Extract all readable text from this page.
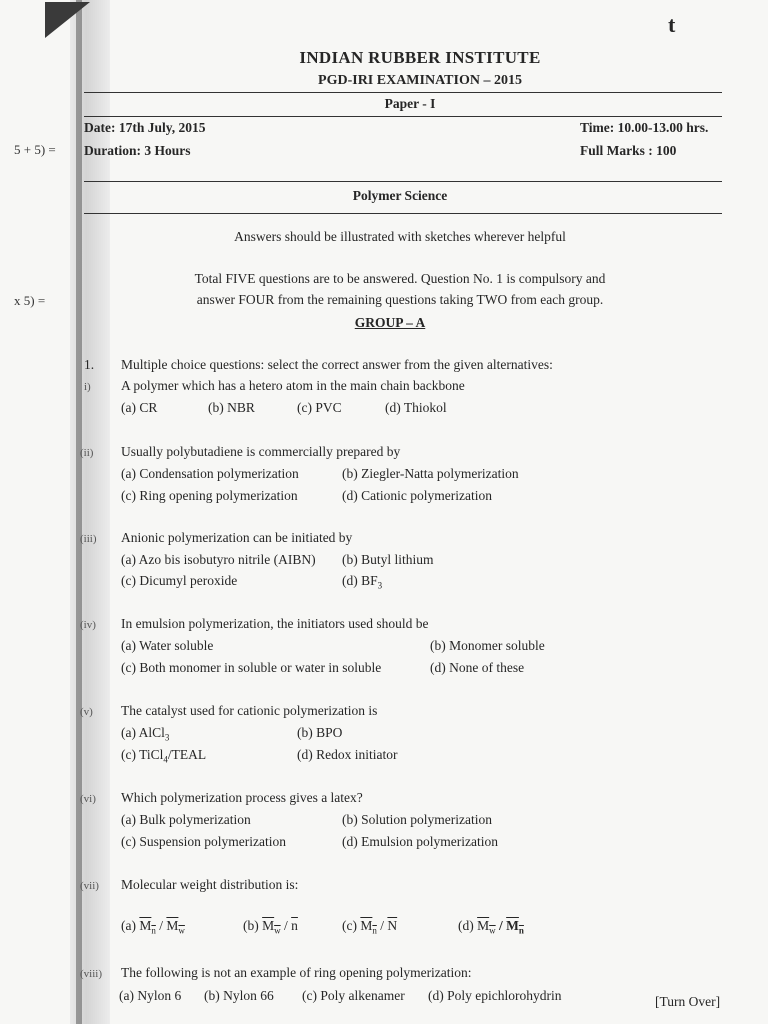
5 + 5) =
x 5) =
t
INDIAN RUBBER INSTITUTE
PGD-IRI EXAMINATION – 2015
Paper - I
Date: 17th July, 2015	Time: 10.00-13.00 hrs.
Duration: 3 Hours	Full Marks : 100
Polymer Science
Answers should be illustrated with sketches wherever helpful
Total FIVE questions are to be answered. Question No. 1 is compulsory and
answer FOUR from the remaining questions taking TWO from each group.
GROUP – A
1. Multiple choice questions: select the correct answer from the given alternatives:
i) A polymer which has a hetero atom in the main chain backbone
(a) CR	(b) NBR	(c) PVC	(d) Thiokol
(ii) Usually polybutadiene is commercially prepared by
(a) Condensation polymerization	(b) Ziegler-Natta polymerization
(c) Ring opening polymerization	(d) Cationic polymerization
(iii) Anionic polymerization can be initiated by
(a) Azo bis isobutyro nitrile (AIBN) (b) Butyl lithium
(c) Dicumyl peroxide	(d) $BF_3$
(iv) In emulsion polymerization, the initiators used should be
(a) Water soluble	(b) Monomer soluble
(c) Both monomer in soluble or water in soluble	(d) None of these
(v) The catalyst used for cationic polymerization is
(a) AlCl$_3$	(b) BPO
(c) TiCl$_4$/TEAL	(d) Redox initiator
(vi) Which polymerization process gives a latex?
(a) Bulk polymerization	(b) Solution polymerization
(c) Suspension polymerization	(d) Emulsion polymerization
(vii) Molecular weight distribution is:
(a) $M_n / M_w$	(b) $M_w / \overline{n}$	(c) $M_n / \overline{N}$	(d) $M_w / M_n$
(viii) The following is not an example of ring opening polymerization:
(a) Nylon 6 (b) Nylon 66 (c) Poly alkenamer (d) Poly epichlorohydrin	[Turn Over]
